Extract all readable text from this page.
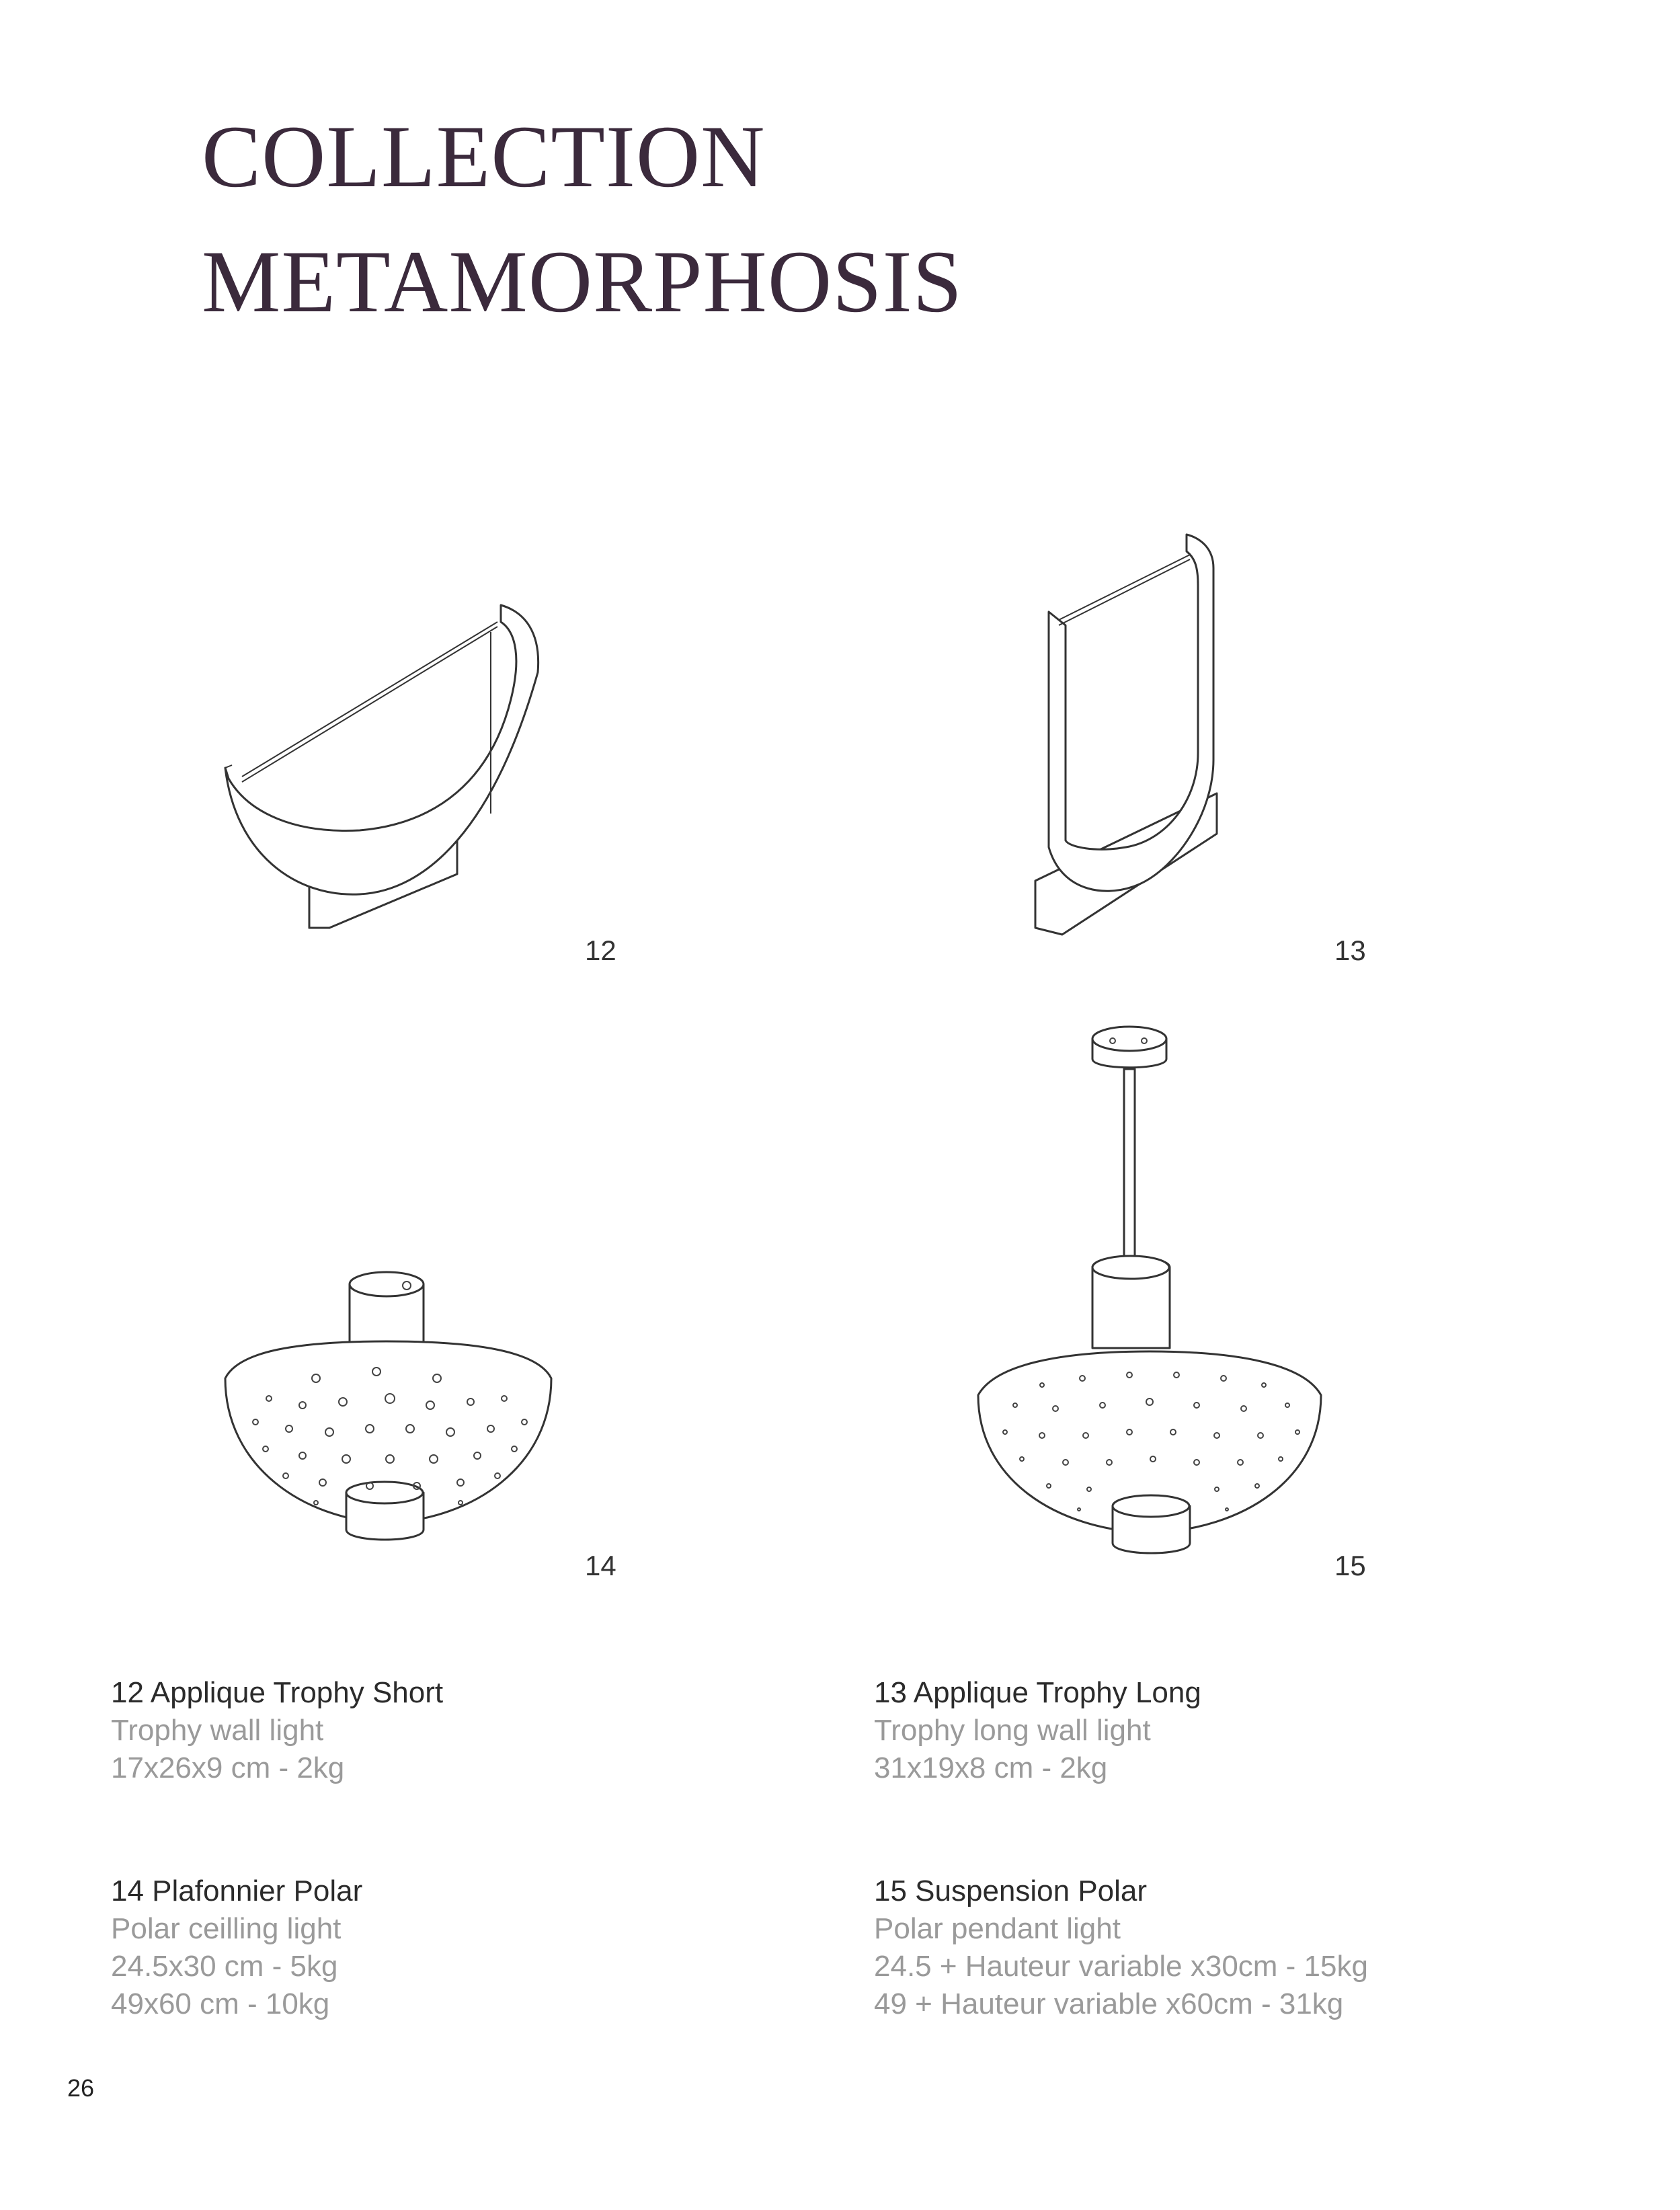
COLLECTION
METAMORPHOSIS
12	13
14	15
12 Applique Trophy Short
Trophy wall light
17x26x9 cm - 2kg
13 Applique Trophy Long
Trophy long wall light
31x19x8 cm - 2kg
14 Plafonnier Polar
Polar ceilling light
24.5x30 cm - 5kg
49x60 cm - 10kg
15 Suspension Polar
Polar pendant light
24.5 + Hauteur variable x30cm - 15kg
49 + Hauteur variable x60cm - 31kg
26
